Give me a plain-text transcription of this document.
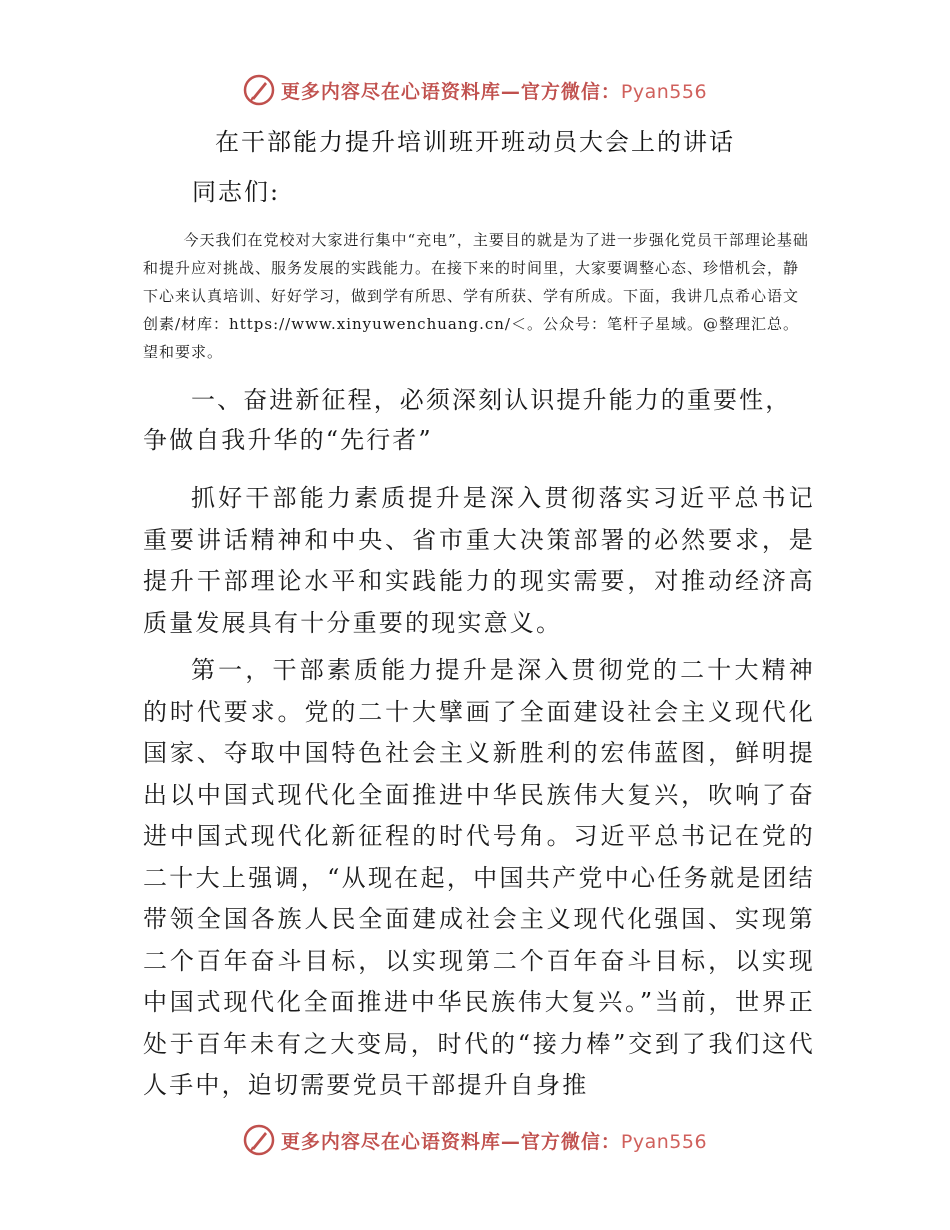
更多内容尽在心语资料库—官方微信：Pyan556
在干部能力提升培训班开班动员大会上的讲话
同志们:

今天我们在党校对大家进行集中“充电”，主要目的就是为了进一步强化党员干部理论基础和提升应对挑战、服务发展的实践能力。在接下来的时间里，大家要调整心态、珍惜机会，静下心来认真培训、好好学习，做到学有所思、学有所获、学有所成。下面，我讲几点希心语文创素/材库：https://www.xinyuwenchuang.cn/＜。公众号：笔杆子星域。@整理汇总。望和要求。

一、奋进新征程，必须深刻认识提升能力的重要性，争做自我升华的“先行者”

抓好干部能力素质提升是深入贯彻落实习近平总书记重要讲话精神和中央、省市重大决策部署的必然要求，是提升干部理论水平和实践能力的现实需要，对推动经济高质量发展具有十分重要的现实意义。

第一，干部素质能力提升是深入贯彻党的二十大精神的时代要求。党的二十大擘画了全面建设社会主义现代化国家、夺取中国特色社会主义新胜利的宏伟蓝图，鲜明提出以中国式现代化全面推进中华民族伟大复兴，吹响了奋进中国式现代化新征程的时代号角。习近平总书记在党的二十大上强调，“从现在起，中国共产党中心任务就是团结带领全国各族人民全面建成社会主义现代化强国、实现第二个百年奋斗目标，以实现第二个百年奋斗目标，以实现中国式现代化全面推进中华民族伟大复兴。”当前，世界正处于百年未有之大变局，时代的“接力棒”交到了我们这代人手中，迫切需要党员干部提升自身推

更多内容尽在心语资料库—官方微信：Pyan556
